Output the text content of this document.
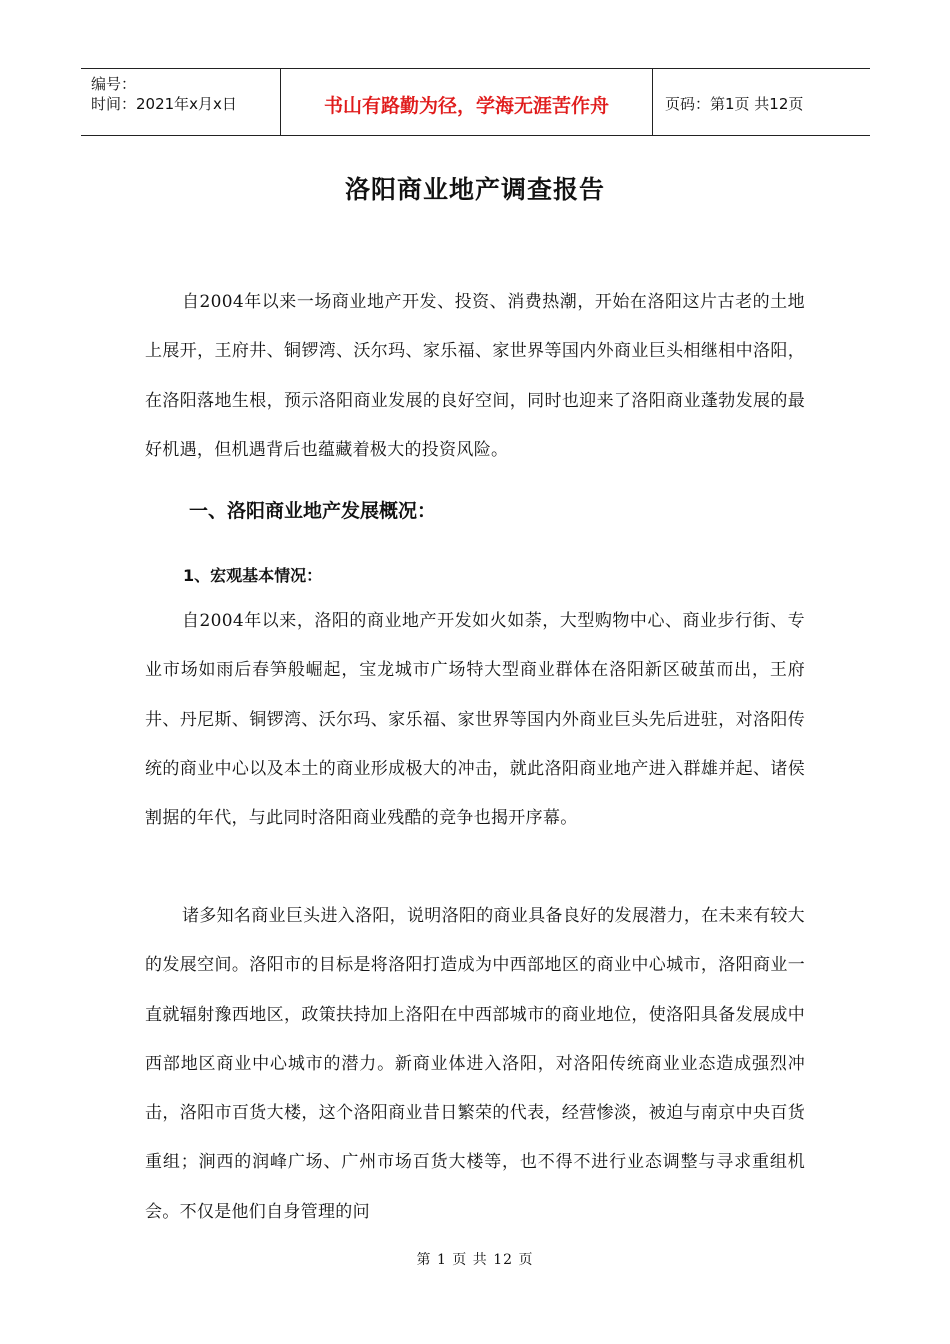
编号：
时间：2021年x月x日	书山有路勤为径，学海无涯苦作舟	页码：第1页 共12页
洛阳商业地产调查报告

自2004年以来一场商业地产开发、投资、消费热潮，开始在洛阳这片古老的土地上展开，王府井、铜锣湾、沃尔玛、家乐福、家世界等国内外商业巨头相继相中洛阳，在洛阳落地生根，预示洛阳商业发展的良好空间，同时也迎来了洛阳商业蓬勃发展的最好机遇，但机遇背后也蕴藏着极大的投资风险。

一、洛阳商业地产发展概况：
1、宏观基本情况：

自2004年以来，洛阳的商业地产开发如火如荼，大型购物中心、商业步行街、专业市场如雨后春笋般崛起，宝龙城市广场特大型商业群体在洛阳新区破茧而出，王府井、丹尼斯、铜锣湾、沃尔玛、家乐福、家世界等国内外商业巨头先后进驻，对洛阳传统的商业中心以及本土的商业形成极大的冲击，就此洛阳商业地产进入群雄并起、诸侯割据的年代，与此同时洛阳商业残酷的竞争也揭开序幕。

诸多知名商业巨头进入洛阳，说明洛阳的商业具备良好的发展潜力，在未来有较大的发展空间。洛阳市的目标是将洛阳打造成为中西部地区的商业中心城市，洛阳商业一直就辐射豫西地区，政策扶持加上洛阳在中西部城市的商业地位，使洛阳具备发展成中西部地区商业中心城市的潜力。新商业体进入洛阳，对洛阳传统商业业态造成强烈冲击，洛阳市百货大楼，这个洛阳商业昔日繁荣的代表，经营惨淡，被迫与南京中央百货重组；涧西的润峰广场、广州市场百货大楼等，也不得不进行业态调整与寻求重组机会。不仅是他们自身管理的问

第 1 页 共 12 页
